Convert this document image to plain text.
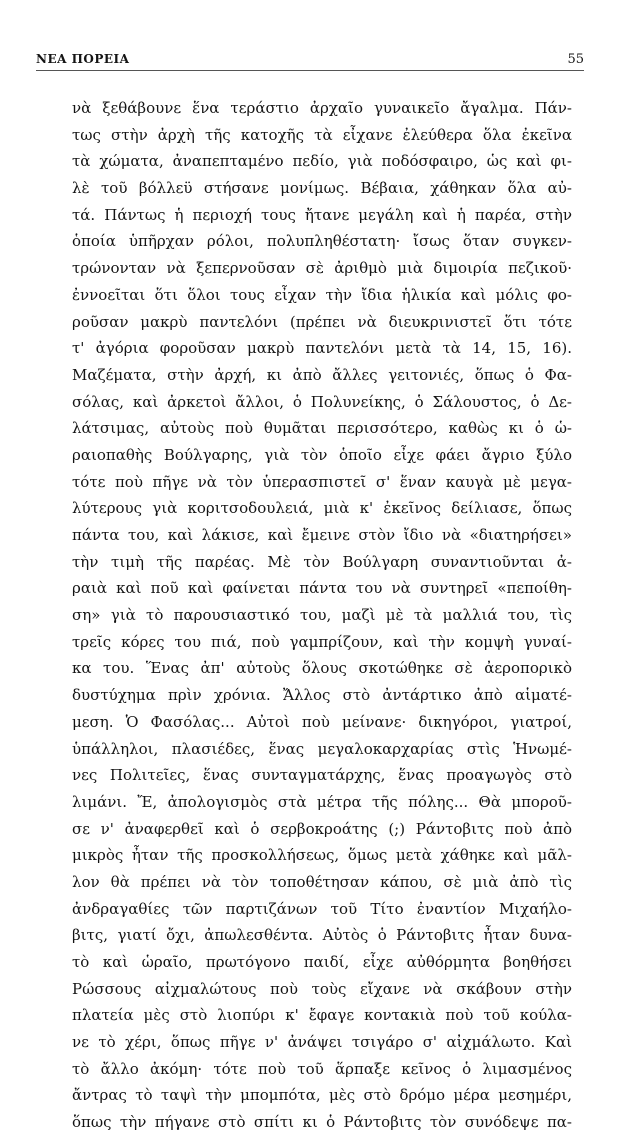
ΝΕΑ ΠΟΡΕΙΑ	55
νὰ ξεθάβουνε ἕνα τεράστιο ἀρχαῖο γυναικεῖο ἄγαλμα. Πάν-
τως στὴν ἀρχὴ τῆς κατοχῆς τὰ εἶχανε ἐλεύθερα ὅλα ἐκεῖνα
τὰ χώματα, ἀναπεπταμένο πεδίο, γιὰ ποδόσφαιρο, ὡς καὶ φι-
λὲ τοῦ βόλλεϋ στήσανε μονίμως. Βέβαια, χάθηκαν ὅλα αὐ-
τά. Πάντως ἡ περιοχή τους ἤτανε μεγάλη καὶ ἡ παρέα, στὴν
ὁποία ὑπῆρχαν ρόλοι, πολυπληθέστατη· ἴσως ὅταν συγκεν-
τρώνονταν νὰ ξεπερνοῦσαν σὲ ἀριθμὸ μιὰ διμοιρία πεζικοῦ·
ἐννοεῖται ὅτι ὅλοι τους εἶχαν τὴν ἴδια ἡλικία καὶ μόλις φο-
ροῦσαν μακρὺ παντελόνι (πρέπει νὰ διευκρινιστεῖ ὅτι τότε
τ' ἀγόρια φοροῦσαν μακρὺ παντελόνι μετὰ τὰ 14, 15, 16).
Μαζέματα, στὴν ἀρχή, κι ἀπὸ ἄλλες γειτονιές, ὅπως ὁ Φα-
σόλας, καὶ ἀρκετοὶ ἄλλοι, ὁ Πολυνείκης, ὁ Σάλουστος, ὁ Δε-
λάτσιμας, αὐτοὺς ποὺ θυμᾶται περισσότερο, καθὼς κι ὁ ὡ-
ραιοπαθὴς Βούλγαρης, γιὰ τὸν ὁποῖο εἶχε φάει ἄγριο ξύλο
τότε ποὺ πῆγε νὰ τὸν ὑπερασπιστεῖ σ' ἕναν καυγὰ μὲ μεγα-
λύτερους γιὰ κοριτσοδουλειά, μιὰ κ' ἐκεῖνος δείλιασε, ὅπως
πάντα του, καὶ λάκισε, καὶ ἔμεινε στὸν ἴδιο νὰ «διατηρήσει»
τὴν τιμὴ τῆς παρέας. Μὲ τὸν Βούλγαρη συναντιοῦνται ἀ-
ραιὰ καὶ ποῦ καὶ φαίνεται πάντα του νὰ συντηρεῖ «πεποίθη-
ση» γιὰ τὸ παρουσιαστικό του, μαζὶ μὲ τὰ μαλλιά του, τὶς
τρεῖς κόρες του πιά, ποὺ γαμπρίζουν, καὶ τὴν κομψὴ γυναί-
κα του. Ἕνας ἀπ' αὐτοὺς ὅλους σκοτώθηκε σὲ ἀεροπορικὸ
δυστύχημα πρὶν χρόνια. Ἄλλος στὸ ἀντάρτικο ἀπὸ αἱματέ-
μεση. Ὁ Φασόλας... Αὐτοὶ ποὺ μείνανε· δικηγόροι, γιατροί,
ὑπάλληλοι, πλασιέδες, ἕνας μεγαλοκαρχαρίας στὶς Ἡνωμέ-
νες Πολιτεῖες, ἕνας συνταγματάρχης, ἕνας προαγωγὸς στὸ
λιμάνι. Ἔ, ἀπολογισμὸς στὰ μέτρα τῆς πόλης... Θὰ μποροῦ-
σε ν' ἀναφερθεῖ καὶ ὁ σερβοκροάτης (;) Ράντοβιτς ποὺ ἀπὸ
μικρὸς ἦταν τῆς προσκολλήσεως, ὅμως μετὰ χάθηκε καὶ μᾶλ-
λον θὰ πρέπει νὰ τὸν τοποθέτησαν κάπου, σὲ μιὰ ἀπὸ τὶς
ἀνδραγαθίες τῶν παρτιζάνων τοῦ Τίτο ἐναντίον Μιχαήλο-
βιτς, γιατί ὄχι, ἀπωλεσθέντα. Αὐτὸς ὁ Ράντοβιτς ἦταν δυνα-
τὸ καὶ ὡραῖο, πρωτόγονο παιδί, εἶχε αὐθόρμητα βοηθήσει
Ρώσσους αἰχμαλώτους ποὺ τοὺς εἴχανε νὰ σκάβουν στὴν
πλατεία μὲς στὸ λιοπύρι κ' ἔφαγε κοντακιὰ ποὺ τοῦ κούλα-
νε τὸ χέρι, ὅπως πῆγε ν' ἀνάψει τσιγάρο σ' αἰχμάλωτο. Καὶ
τὸ ἄλλο ἀκόμη· τότε ποὺ τοῦ ἅρπαξε κεῖνος ὁ λιμασμένος
ἄντρας τὸ ταψὶ τὴν μπομπότα, μὲς στὸ δρόμο μέρα μεσημέρι,
ὅπως τὴν πήγανε στὸ σπίτι κι ὁ Ράντοβιτς τὸν συνόδεψε πα-
